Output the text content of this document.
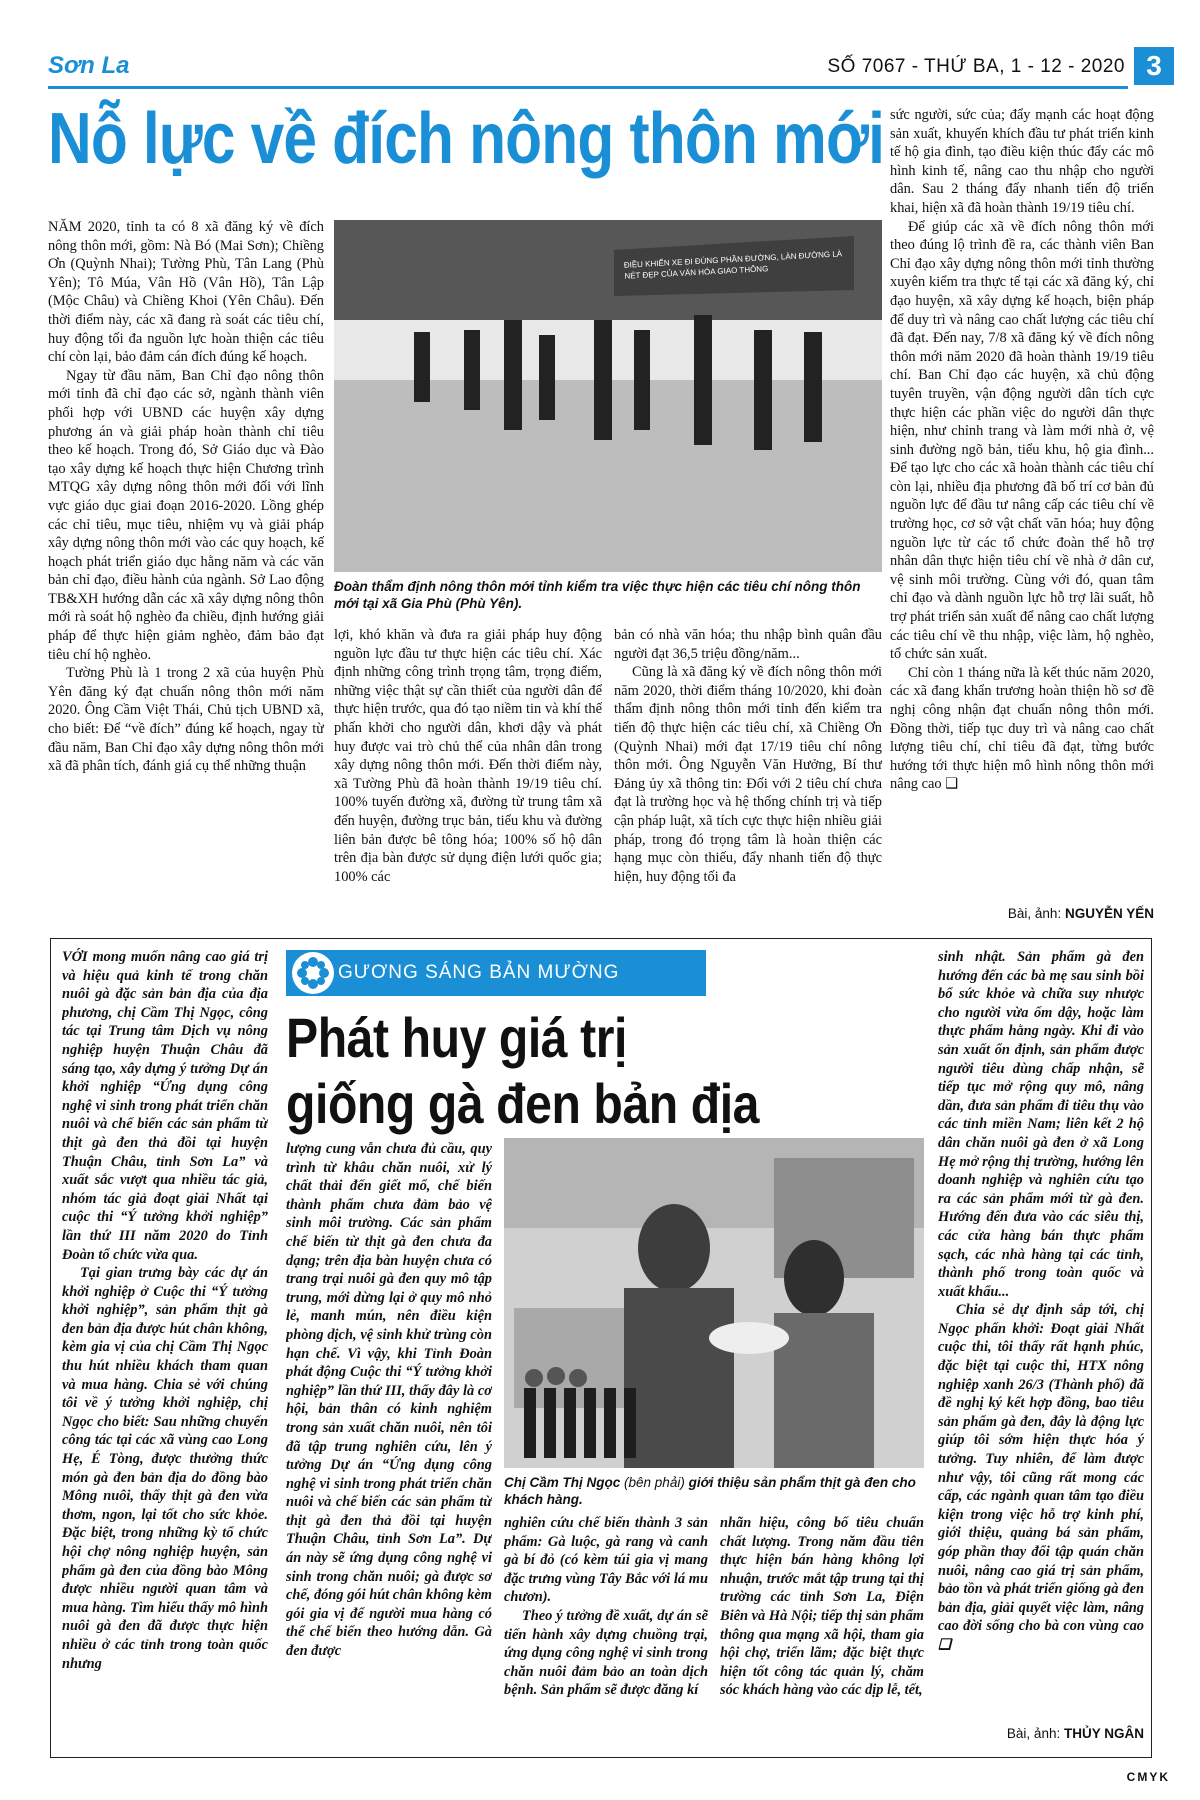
Sơn La	SỐ 7067 - THỨ BA, 1 - 12 - 2020 3
Nỗ lực về đích nông thôn mới

NĂM 2020, tỉnh ta có 8 xã đăng ký về đích nông thôn mới, gồm: Nà Bó (Mai Sơn); Chiềng Ơn (Quỳnh Nhai); Tường Phù, Tân Lang (Phù Yên); Tô Múa, Vân Hồ (Vân Hồ), Tân Lập (Mộc Châu) và Chiềng Khoi (Yên Châu). Đến thời điểm này, các xã đang rà soát các tiêu chí, huy động tối đa nguồn lực hoàn thiện các tiêu chí còn lại, bảo đảm cán đích đúng kế hoạch.

Ngay từ đầu năm, Ban Chỉ đạo nông thôn mới tỉnh đã chỉ đạo các sở, ngành thành viên phối hợp với UBND các huyện xây dựng phương án và giải pháp hoàn thành chỉ tiêu theo kế hoạch. Trong đó, Sở Giáo dục và Đào tạo xây dựng kế hoạch thực hiện Chương trình MTQG xây dựng nông thôn mới đối với lĩnh vực giáo dục giai đoạn 2016-2020. Lồng ghép các chỉ tiêu, mục tiêu, nhiệm vụ và giải pháp xây dựng nông thôn mới vào các quy hoạch, kế hoạch phát triển giáo dục hằng năm và các văn bản chỉ đạo, điều hành của ngành. Sở Lao động TB&XH hướng dẫn các xã xây dựng nông thôn mới rà soát hộ nghèo đa chiều, định hướng giải pháp để thực hiện giảm nghèo, đảm bảo đạt tiêu chí hộ nghèo.

Tường Phù là 1 trong 2 xã của huyện Phù Yên đăng ký đạt chuẩn nông thôn mới năm 2020. Ông Cầm Việt Thái, Chủ tịch UBND xã, cho biết: Để “về đích” đúng kế hoạch, ngay từ đầu năm, Ban Chỉ đạo xây dựng nông thôn mới xã đã phân tích, đánh giá cụ thể những thuận

ĐIỀU KHIỂN XE ĐI ĐÚNG PHẦN ĐƯỜNG, LÀN ĐƯỜNG LÀ NÉT ĐẸP CỦA VĂN HÓA GIAO THÔNG
Đoàn thẩm định nông thôn mới tỉnh kiểm tra việc thực hiện các tiêu chí nông thôn mới tại xã Gia Phù (Phù Yên).

lợi, khó khăn và đưa ra giải pháp huy động nguồn lực đầu tư thực hiện các tiêu chí. Xác định những công trình trọng tâm, trọng điểm, những việc thật sự cần thiết của người dân để thực hiện trước, qua đó tạo niềm tin và khí thế phấn khởi cho người dân, khơi dậy và phát huy được vai trò chủ thể của nhân dân trong xây dựng nông thôn mới. Đến thời điểm này, xã Tường Phù đã hoàn thành 19/19 tiêu chí. 100% tuyến đường xã, đường từ trung tâm xã đến huyện, đường trục bản, tiểu khu và đường liên bản được bê tông hóa; 100% số hộ dân trên địa bàn được sử dụng điện lưới quốc gia; 100% các

bản có nhà văn hóa; thu nhập bình quân đầu người đạt 36,5 triệu đồng/năm...

Cũng là xã đăng ký về đích nông thôn mới năm 2020, thời điểm tháng 10/2020, khi đoàn thẩm định nông thôn mới tỉnh đến kiểm tra tiến độ thực hiện các tiêu chí, xã Chiềng Ơn (Quỳnh Nhai) mới đạt 17/19 tiêu chí nông thôn mới. Ông Nguyễn Văn Hưởng, Bí thư Đảng ủy xã thông tin: Đối với 2 tiêu chí chưa đạt là trường học và hệ thống chính trị và tiếp cận pháp luật, xã tích cực thực hiện nhiều giải pháp, trong đó trọng tâm là hoàn thiện các hạng mục còn thiếu, đẩy nhanh tiến độ thực hiện, huy động tối đa

sức người, sức của; đẩy mạnh các hoạt động sản xuất, khuyến khích đầu tư phát triển kinh tế hộ gia đình, tạo điều kiện thúc đẩy các mô hình kinh tế, nâng cao thu nhập cho người dân. Sau 2 tháng đẩy nhanh tiến độ triển khai, hiện xã đã hoàn thành 19/19 tiêu chí.

Để giúp các xã về đích nông thôn mới theo đúng lộ trình đề ra, các thành viên Ban Chỉ đạo xây dựng nông thôn mới tỉnh thường xuyên kiểm tra thực tế tại các xã đăng ký, chỉ đạo huyện, xã xây dựng kế hoạch, biện pháp để duy trì và nâng cao chất lượng các tiêu chí đã đạt. Đến nay, 7/8 xã đăng ký về đích nông thôn mới năm 2020 đã hoàn thành 19/19 tiêu chí. Ban Chỉ đạo các huyện, xã chủ động tuyên truyền, vận động người dân tích cực thực hiện các phần việc do người dân thực hiện, như chỉnh trang và làm mới nhà ở, vệ sinh đường ngõ bản, tiểu khu, hộ gia đình... Để tạo lực cho các xã hoàn thành các tiêu chí còn lại, nhiều địa phương đã bố trí cơ bản đủ nguồn lực để đầu tư nâng cấp các tiêu chí về trường học, cơ sở vật chất văn hóa; huy động nguồn lực từ các tổ chức đoàn thể hỗ trợ nhân dân thực hiện tiêu chí về nhà ở dân cư, vệ sinh môi trường. Cùng với đó, quan tâm chỉ đạo và dành nguồn lực hỗ trợ lãi suất, hỗ trợ phát triển sản xuất để nâng cao chất lượng các tiêu chí về thu nhập, việc làm, hộ nghèo, tổ chức sản xuất.

Chỉ còn 1 tháng nữa là kết thúc năm 2020, các xã đang khẩn trương hoàn thiện hồ sơ đề nghị công nhận đạt chuẩn nông thôn mới. Đồng thời, tiếp tục duy trì và nâng cao chất lượng tiêu chí, chỉ tiêu đã đạt, từng bước hướng tới thực hiện mô hình nông thôn mới nâng cao ❑

Bài, ảnh: NGUYỄN YẾN
GƯƠNG SÁNG BẢN MƯỜNG
Phát huy giá trị giống gà đen bản địa

VỚI mong muốn nâng cao giá trị và hiệu quả kinh tế trong chăn nuôi gà đặc sản bản địa của địa phương, chị Cầm Thị Ngọc, công tác tại Trung tâm Dịch vụ nông nghiệp huyện Thuận Châu đã sáng tạo, xây dựng ý tưởng Dự án khởi nghiệp “Ứng dụng công nghệ vi sinh trong phát triển chăn nuôi và chế biến các sản phẩm từ thịt gà đen thả đồi tại huyện Thuận Châu, tỉnh Sơn La” và xuất sắc vượt qua nhiều tác giả, nhóm tác giả đoạt giải Nhất tại cuộc thi “Ý tưởng khởi nghiệp” lần thứ III năm 2020 do Tỉnh Đoàn tổ chức vừa qua.

Tại gian trưng bày các dự án khởi nghiệp ở Cuộc thi “Ý tưởng khởi nghiệp”, sản phẩm thịt gà đen bản địa được hút chân không, kèm gia vị của chị Cầm Thị Ngọc thu hút nhiều khách tham quan và mua hàng. Chia sẻ với chúng tôi về ý tưởng khởi nghiệp, chị Ngọc cho biết: Sau những chuyến công tác tại các xã vùng cao Long Hẹ, É Tòng, được thưởng thức món gà đen bản địa do đồng bào Mông nuôi, thấy thịt gà đen vừa thơm, ngon, lại tốt cho sức khỏe. Đặc biệt, trong những kỳ tổ chức hội chợ nông nghiệp huyện, sản phẩm gà đen của đồng bào Mông được nhiều người quan tâm và mua hàng. Tìm hiểu thấy mô hình nuôi gà đen đã được thực hiện nhiều ở các tỉnh trong toàn quốc nhưng

lượng cung vẫn chưa đủ cầu, quy trình từ khâu chăn nuôi, xử lý chất thải đến giết mổ, chế biến thành phẩm chưa đảm bảo vệ sinh môi trường. Các sản phẩm chế biến từ thịt gà đen chưa đa dạng; trên địa bàn huyện chưa có trang trại nuôi gà đen quy mô tập trung, mới dừng lại ở quy mô nhỏ lẻ, manh mún, nên điều kiện phòng dịch, vệ sinh khử trùng còn hạn chế. Vì vậy, khi Tỉnh Đoàn phát động Cuộc thi “Ý tưởng khởi nghiệp” lần thứ III, thấy đây là cơ hội, bản thân có kinh nghiệm trong sản xuất chăn nuôi, nên tôi đã tập trung nghiên cứu, lên ý tưởng Dự án “Ứng dụng công nghệ vi sinh trong phát triển chăn nuôi và chế biến các sản phẩm từ thịt gà đen thả đồi tại huyện Thuận Châu, tỉnh Sơn La”. Dự án này sẽ ứng dụng công nghệ vi sinh trong chăn nuôi; gà được sơ chế, đóng gói hút chân không kèm gói gia vị để người mua hàng có thể chế biến theo hướng dẫn. Gà đen được

Chị Cầm Thị Ngọc (bên phải) giới thiệu sản phẩm thịt gà đen cho khách hàng.

nghiên cứu chế biến thành 3 sản phẩm: Gà luộc, gà rang và canh gà bí đỏ (có kèm túi gia vị mang đặc trưng vùng Tây Bắc với lá mu chươn).

Theo ý tưởng đề xuất, dự án sẽ tiến hành xây dựng chuồng trại, ứng dụng công nghệ vi sinh trong chăn nuôi đảm bảo an toàn dịch bệnh. Sản phẩm sẽ được đăng kí

nhãn hiệu, công bố tiêu chuẩn chất lượng. Trong năm đầu tiên thực hiện bán hàng không lợi nhuận, trước mắt tập trung tại thị trường các tỉnh Sơn La, Điện Biên và Hà Nội; tiếp thị sản phẩm thông qua mạng xã hội, tham gia hội chợ, triển lãm; đặc biệt thực hiện tốt công tác quản lý, chăm sóc khách hàng vào các dịp lễ, tết,

sinh nhật. Sản phẩm gà đen hướng đến các bà mẹ sau sinh bồi bổ sức khỏe và chữa suy nhược cho người vừa ốm dậy, hoặc làm thực phẩm hằng ngày. Khi đi vào sản xuất ổn định, sản phẩm được người tiêu dùng chấp nhận, sẽ tiếp tục mở rộng quy mô, nâng dần, đưa sản phẩm đi tiêu thụ vào các tỉnh miền Nam; liên kết 2 hộ dân chăn nuôi gà đen ở xã Long Hẹ mở rộng thị trường, hướng lên doanh nghiệp và nghiên cứu tạo ra các sản phẩm mới từ gà đen. Hướng đến đưa vào các siêu thị, các cửa hàng bán thực phẩm sạch, các nhà hàng tại các tỉnh, thành phố trong toàn quốc và xuất khẩu...

Chia sẻ dự định sắp tới, chị Ngọc phấn khởi: Đoạt giải Nhất cuộc thi, tôi thấy rất hạnh phúc, đặc biệt tại cuộc thi, HTX nông nghiệp xanh 26/3 (Thành phố) đã đề nghị ký kết hợp đồng, bao tiêu sản phẩm gà đen, đây là động lực giúp tôi sớm hiện thực hóa ý tưởng. Tuy nhiên, để làm được như vậy, tôi cũng rất mong các cấp, các ngành quan tâm tạo điều kiện trong việc hỗ trợ kinh phí, giới thiệu, quảng bá sản phẩm, góp phần thay đổi tập quán chăn nuôi, nâng cao giá trị sản phẩm, bảo tồn và phát triển giống gà đen bản địa, giải quyết việc làm, nâng cao đời sống cho bà con vùng cao ❑

Bài, ảnh: THỦY NGÂN
CMYK
